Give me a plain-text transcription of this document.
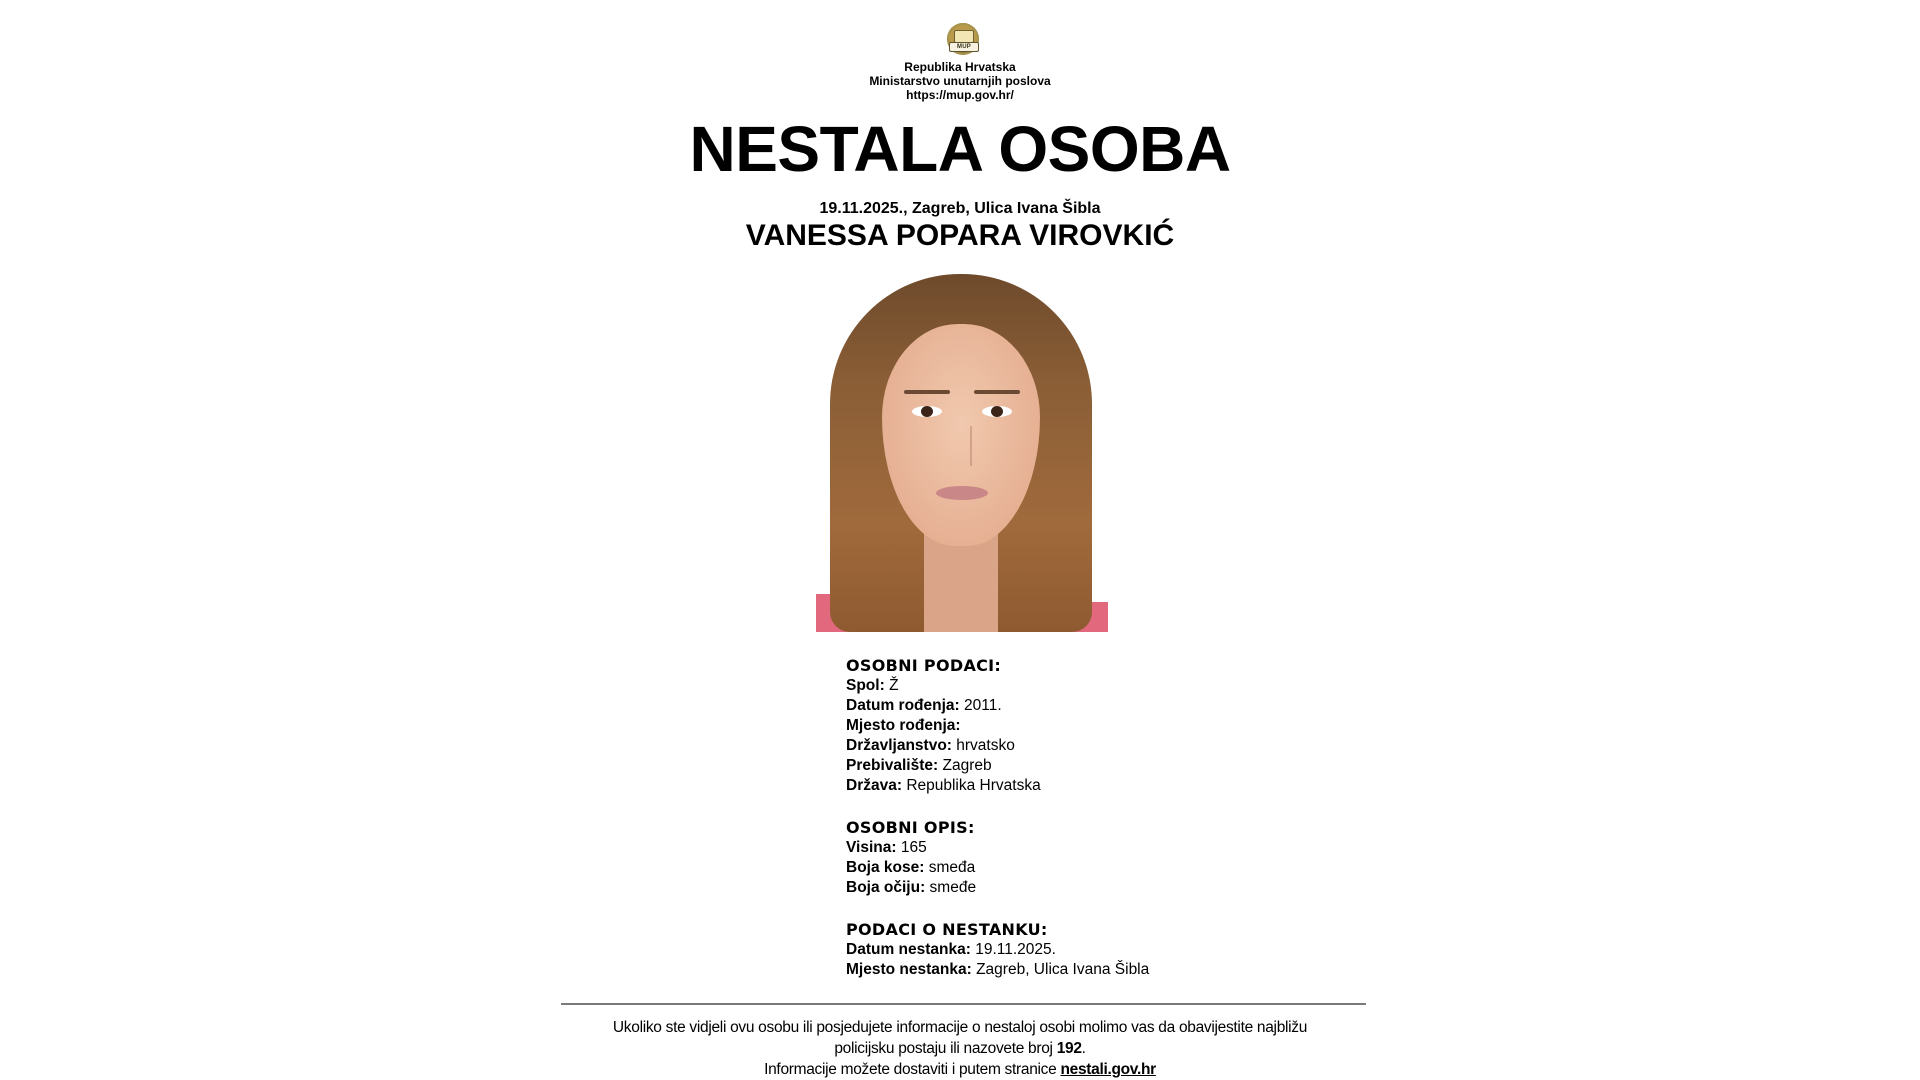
MUP
Republika Hrvatska
Ministarstvo unutarnjih poslova
https://mup.gov.hr/
NESTALA OSOBA
19.11.2025., Zagreb, Ulica Ivana Šibla
VANESSA POPARA VIROVKIĆ
OSOBNI PODACI:
Spol: Ž
Datum rođenja: 2011.
Mjesto rođenja:
Državljanstvo: hrvatsko
Prebivalište: Zagreb
Država: Republika Hrvatska
OSOBNI OPIS:
Visina: 165
Boja kose: smeđa
Boja očiju: smeđe
PODACI O NESTANKU:
Datum nestanka: 19.11.2025.
Mjesto nestanka: Zagreb, Ulica Ivana Šibla
Ukoliko ste vidjeli ovu osobu ili posjedujete informacije o nestaloj osobi molimo vas da obavijestite najbližu
policijsku postaju ili nazovete broj 192.
Informacije možete dostaviti i putem stranice nestali.gov.hr
